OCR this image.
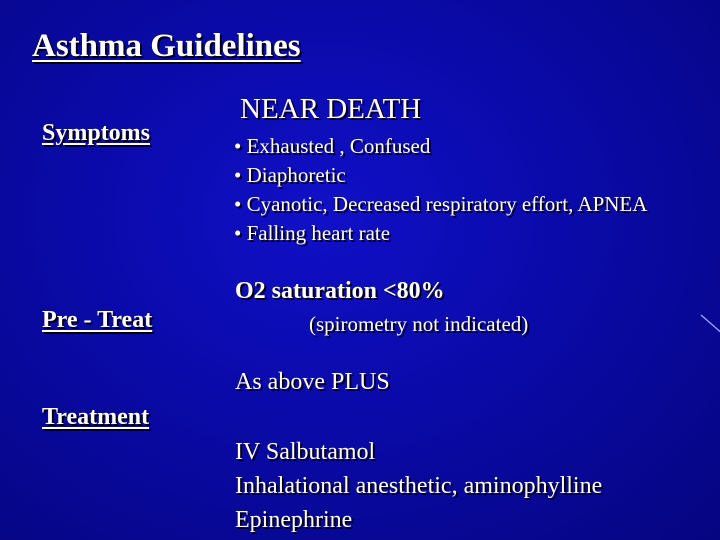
Asthma Guidelines
Symptoms
Pre - Treat
Treatment
NEAR DEATH
• Exhausted , Confused
• Diaphoretic
• Cyanotic, Decreased respiratory effort, APNEA
• Falling heart rate
O2 saturation <80%
(spirometry not indicated)
As above PLUS
IV Salbutamol
Inhalational anesthetic, aminophylline
Epinephrine
